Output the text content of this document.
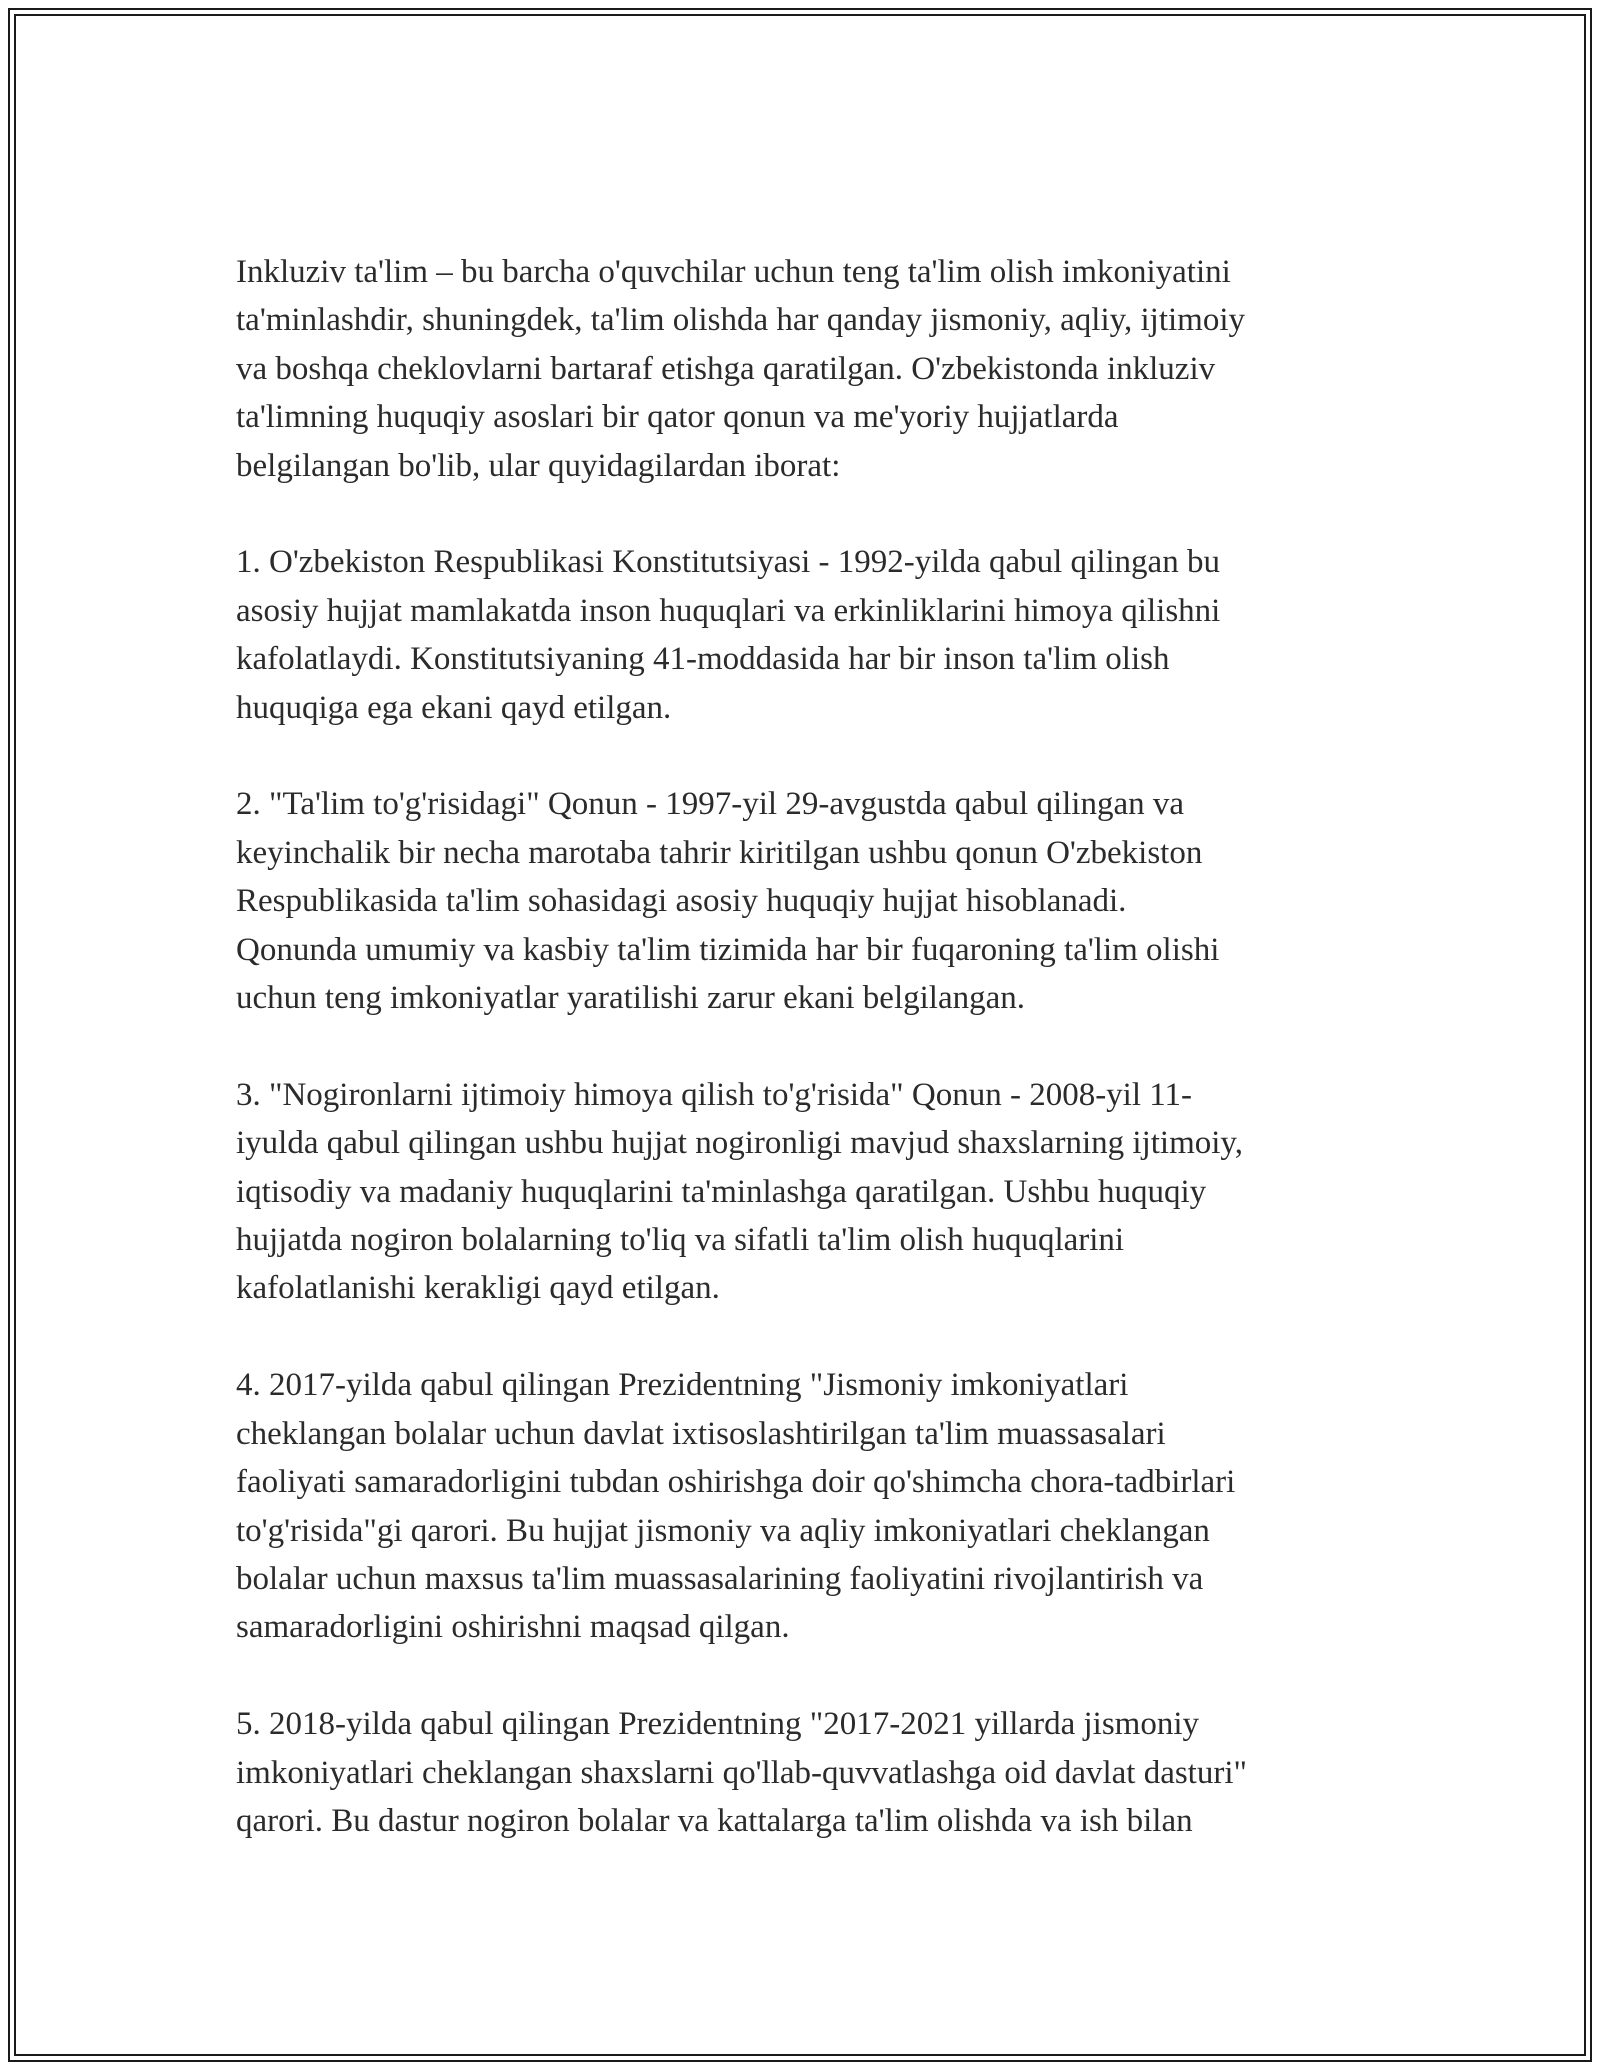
Inkluziv ta'lim – bu barcha o'quvchilar uchun teng ta'lim olish imkoniyatini
ta'minlashdir, shuningdek, ta'lim olishda har qanday jismoniy, aqliy, ijtimoiy
va boshqa cheklovlarni bartaraf etishga qaratilgan. O'zbekistonda inkluziv
ta'limning huquqiy asoslari bir qator qonun va me'yoriy hujjatlarda
belgilangan bo'lib, ular quyidagilardan iborat:

1. O'zbekiston Respublikasi Konstitutsiyasi - 1992-yilda qabul qilingan bu
asosiy hujjat mamlakatda inson huquqlari va erkinliklarini himoya qilishni
kafolatlaydi. Konstitutsiyaning 41-moddasida har bir inson ta'lim olish
huquqiga ega ekani qayd etilgan.

2. "Ta'lim to'g'risidagi" Qonun - 1997-yil 29-avgustda qabul qilingan va
keyinchalik bir necha marotaba tahrir kiritilgan ushbu qonun O'zbekiston
Respublikasida ta'lim sohasidagi asosiy huquqiy hujjat hisoblanadi.
Qonunda umumiy va kasbiy ta'lim tizimida har bir fuqaroning ta'lim olishi
uchun teng imkoniyatlar yaratilishi zarur ekani belgilangan.

3. "Nogironlarni ijtimoiy himoya qilish to'g'risida" Qonun - 2008-yil 11-
iyulda qabul qilingan ushbu hujjat nogironligi mavjud shaxslarning ijtimoiy,
iqtisodiy va madaniy huquqlarini ta'minlashga qaratilgan. Ushbu huquqiy
hujjatda nogiron bolalarning to'liq va sifatli ta'lim olish huquqlarini
kafolatlanishi kerakligi qayd etilgan.

4. 2017-yilda qabul qilingan Prezidentning "Jismoniy imkoniyatlari
cheklangan bolalar uchun davlat ixtisoslashtirilgan ta'lim muassasalari
faoliyati samaradorligini tubdan oshirishga doir qo'shimcha chora-tadbirlari
to'g'risida"gi qarori. Bu hujjat jismoniy va aqliy imkoniyatlari cheklangan
bolalar uchun maxsus ta'lim muassasalarining faoliyatini rivojlantirish va
samaradorligini oshirishni maqsad qilgan.

5. 2018-yilda qabul qilingan Prezidentning "2017-2021 yillarda jismoniy
imkoniyatlari cheklangan shaxslarni qo'llab-quvvatlashga oid davlat dasturi"
qarori. Bu dastur nogiron bolalar va kattalarga ta'lim olishda va ish bilan
